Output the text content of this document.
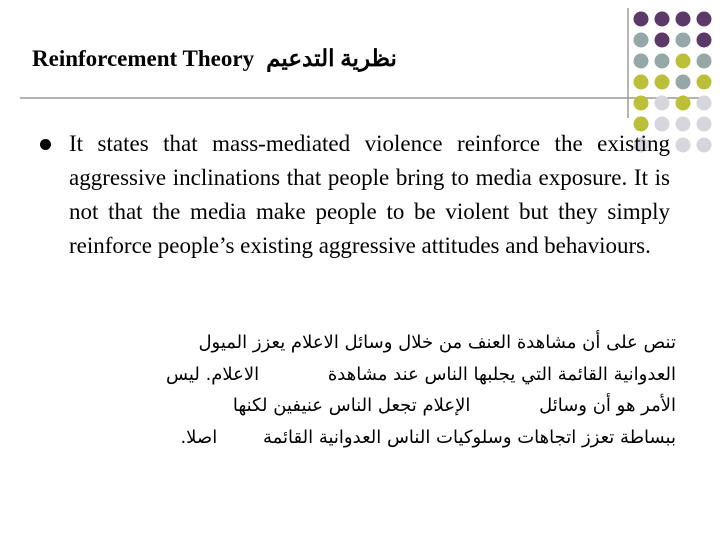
Reinforcement Theory نظرية التدعيم
It states that mass-mediated violence reinforce the existing aggressive inclinations that people bring to media exposure. It is not that the media make people to be violent but they simply reinforce people’s existing aggressive attitudes and behaviours.
تنص على أن مشاهدة العنف من خلال وسائل الاعلام يعزز الميول
العدوانية القائمة التي يجلبها الناس عند مشاهدة            الاعلام. ليس
الأمر هو أن وسائل            الإعلام تجعل الناس عنيفين لكنها
ببساطة تعزز اتجاهات وسلوكيات الناس العدوانية القائمة        اصلا.
